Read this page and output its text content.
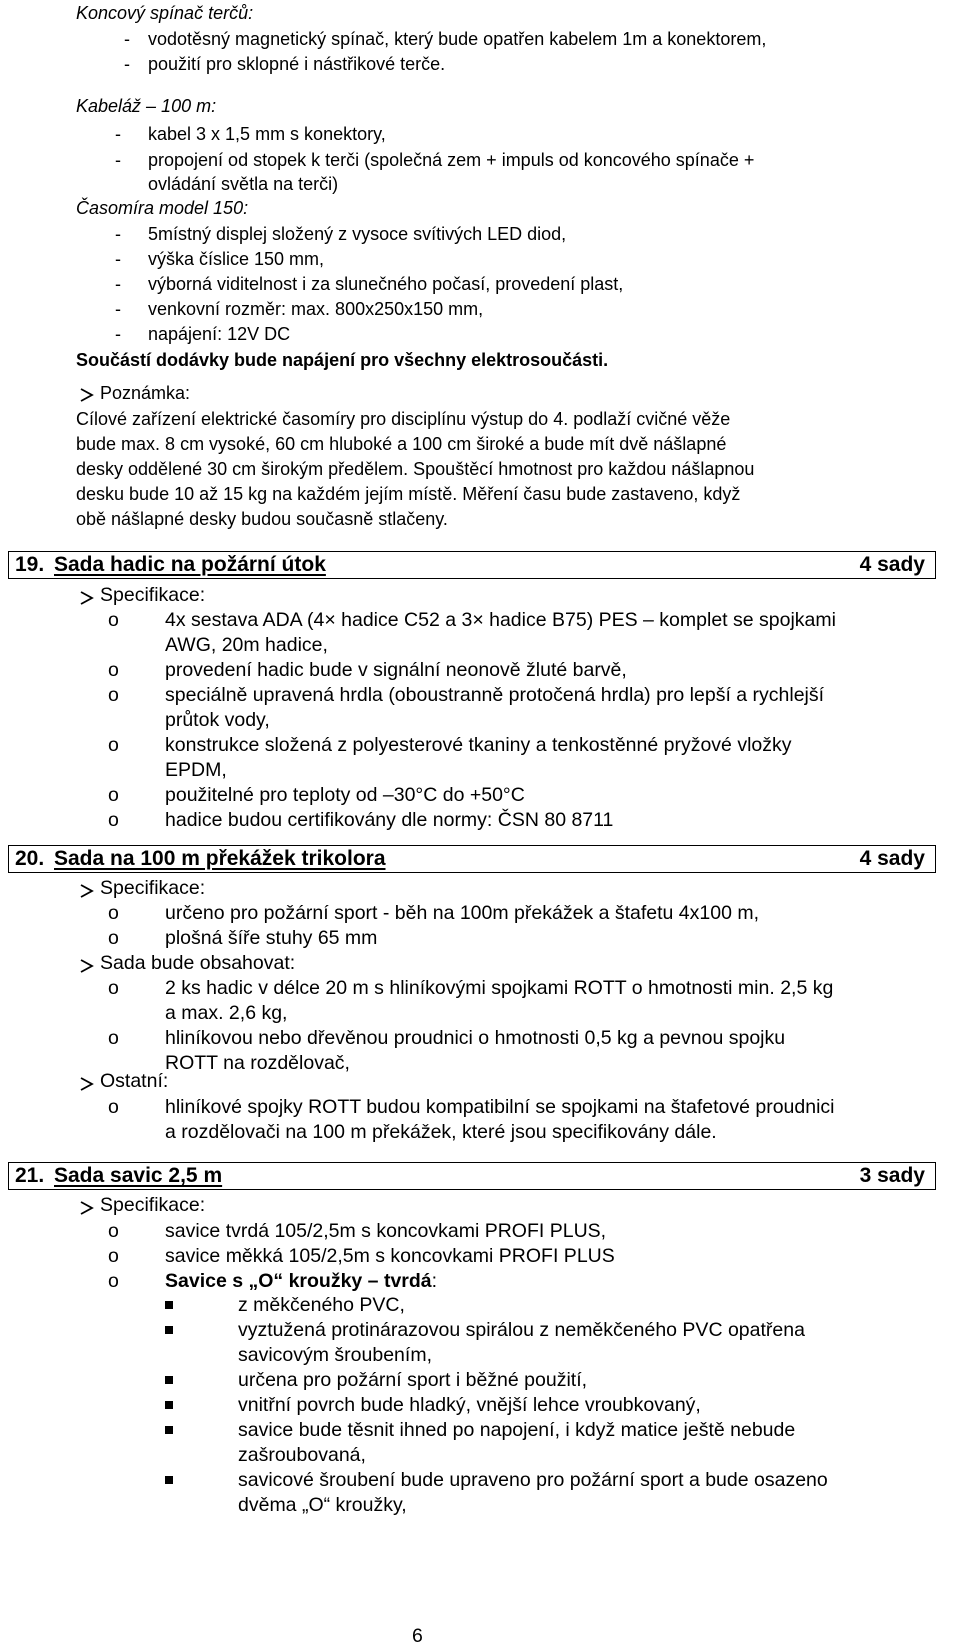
Koncový spínač terčů:
- vodotěsný magnetický spínač, který bude opatřen kabelem 1m a konektorem,
- použití pro sklopné i nástřikové terče.
Kabeláž – 100 m:
- kabel 3 x 1,5 mm s konektory,
- propojení od stopek k terči (společná zem + impuls od koncového spínače +
ovládání světla na terči)
Časomíra model 150:
- 5místný displej složený z vysoce svítivých LED diod,
- výška číslice 150 mm,
- výborná viditelnost i za slunečného počasí, provedení plast,
- venkovní rozměr: max. 800x250x150 mm,
- napájení: 12V DC
Součástí dodávky bude napájení pro všechny elektrosoučásti.
Poznámka:
Cílové zařízení elektrické časomíry pro disciplínu výstup do 4. podlaží cvičné věže
bude max. 8 cm vysoké, 60 cm hluboké a 100 cm široké a bude mít dvě nášlapné
desky oddělené 30 cm širokým předělem. Spouštěcí hmotnost pro každou nášlapnou
desku bude 10 až 15 kg na každém jejím místě. Měření času bude zastaveno, když
obě nášlapné desky budou současně stlačeny.
19. Sada hadic na požární útok	4 sady
Specifikace:
o 4x sestava ADA (4× hadice C52 a 3× hadice B75) PES – komplet se spojkami
AWG, 20m hadice,
o provedení hadic bude v signální neonově žluté barvě,
o speciálně upravená hrdla (oboustranně protočená hrdla) pro lepší a rychlejší
průtok vody,
o konstrukce složená z polyesterové tkaniny a tenkostěnné pryžové vložky
EPDM,
o použitelné pro teploty od –30°C do +50°C
o hadice budou certifikovány dle normy: ČSN 80 8711
20. Sada na 100 m překážek trikolora	4 sady
Specifikace:
o určeno pro požární sport - běh na 100m překážek a štafetu 4x100 m,
o plošná šíře stuhy 65 mm
Sada bude obsahovat:
o 2 ks hadic v délce 20 m s hliníkovými spojkami ROTT o hmotnosti min. 2,5 kg
a max. 2,6 kg,
o hliníkovou nebo dřevěnou proudnici o hmotnosti 0,5 kg a pevnou spojku
ROTT na rozdělovač,
Ostatní:
o hliníkové spojky ROTT budou kompatibilní se spojkami na štafetové proudnici
a rozdělovači na 100 m překážek, které jsou specifikovány dále.
21. Sada savic 2,5 m	3 sady
Specifikace:
o savice tvrdá 105/2,5m s koncovkami PROFI PLUS,
o savice měkká 105/2,5m s koncovkami PROFI PLUS
o Savice s „O“ kroužky – tvrdá:
z měkčeného PVC,
vyztužená protinárazovou spirálou z neměkčeného PVC opatřena
savicovým šroubením,
určena pro požární sport i běžné použití,
vnitřní povrch bude hladký, vnější lehce vroubkovaný,
savice bude těsnit ihned po napojení, i když matice ještě nebude
zašroubovaná,
savicové šroubení bude upraveno pro požární sport a bude osazeno
dvěma „O“ kroužky,
6
